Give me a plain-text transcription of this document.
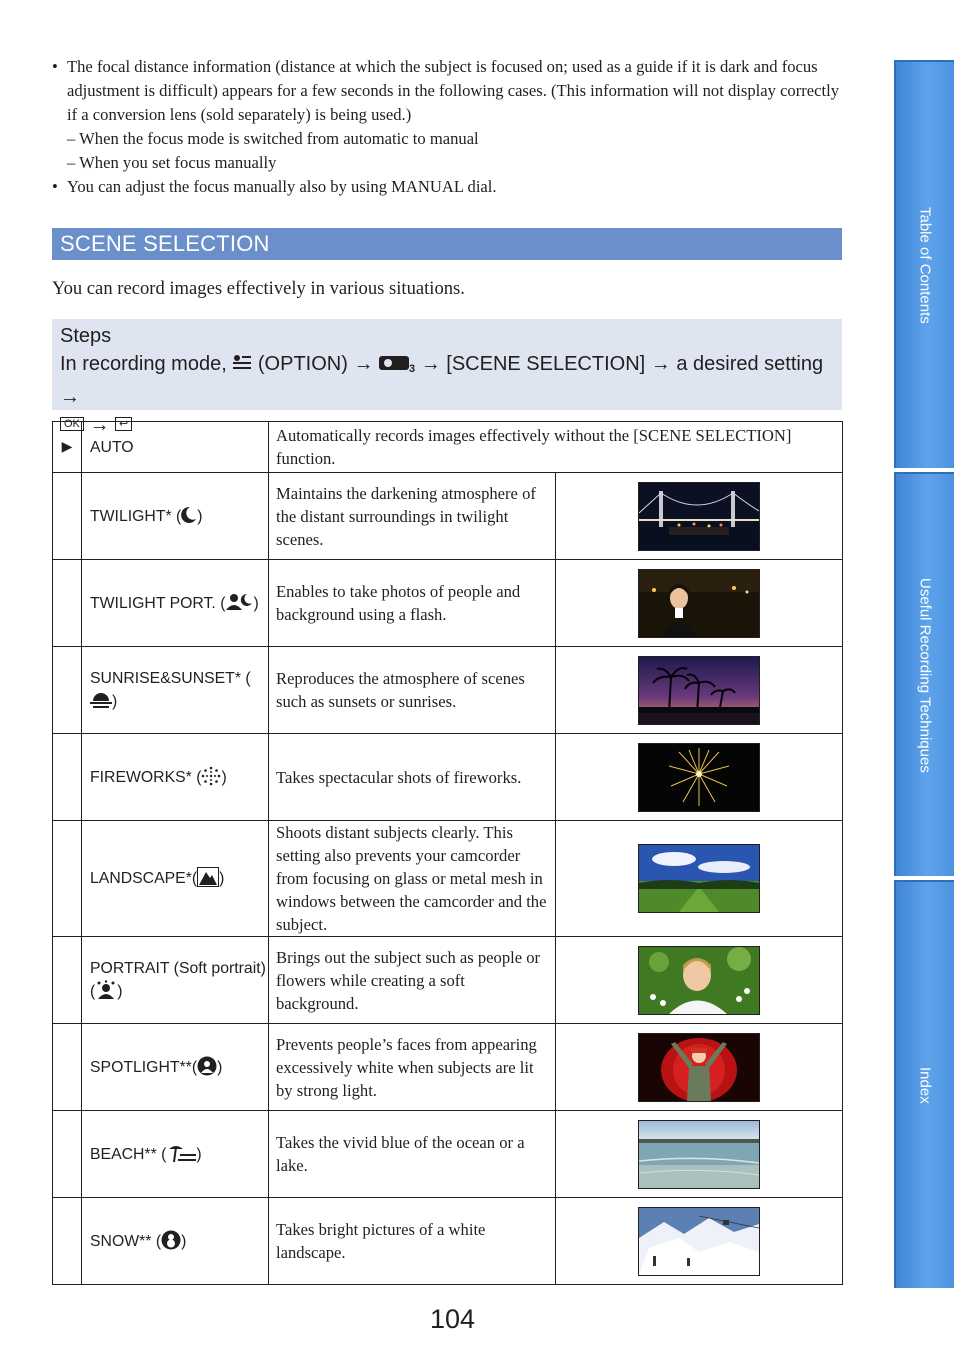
• The focal distance information (distance at which the subject is focused on; used as a guide if it is dark and focus adjustment is difficult) appears for a few seconds in the following cases. (This information will not display correctly if a conversion lens (sold separately) is being used.)
– When the focus mode is switched from automatic to manual
– When you set focus manually
• You can adjust the focus manually also by using MANUAL dial.
SCENE SELECTION
You can record images effectively in various situations.
Steps
In recording mode, (OPTION) →	3 → [SCENE SELECTION] → a desired setting →
OK → ↩
▶	AUTO	Automatically records images effectively without the [SCENE SELECTION] function.	
	TWILIGHT* ( )	Maintains the darkening atmosphere of the distant surroundings in twilight scenes.	

	TWILIGHT PORT. ( )	Enables to take photos of people and background using a flash.	

	SUNRISE&SUNSET* ()	Reproduces the atmosphere of scenes such as sunsets or sunrises.	

	FIREWORKS* ( )	Takes spectacular shots of fireworks.	

	LANDSCAPE*( )	Shoots distant subjects clearly. This setting also prevents your camcorder from focusing on glass or metal mesh in windows between the camcorder and the subject.	

	PORTRAIT (Soft portrait) ( )	Brings out the subject such as people or flowers while creating a soft background.	

	SPOTLIGHT**( )	Prevents people’s faces from appearing excessively white when subjects are lit by strong light.	

	BEACH** ( )	Takes the vivid blue of the ocean or a lake.	

	SNOW** ( )	Takes bright pictures of a white landscape.	
Table of Contents
Useful Recording Techniques
Index
104
